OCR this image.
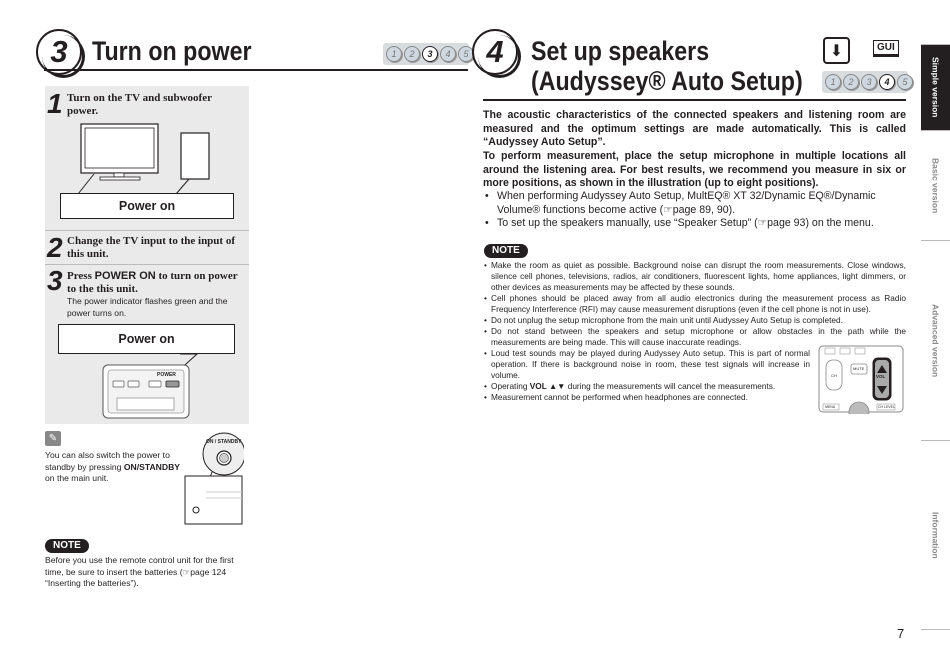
3 Turn on power	1	2	3	4	5
1 Turn on the TV and subwoofer power.
Power on
2 Change the TV input to the input of this unit.
3 Press POWER ON to turn on power to the this unit.
The power indicator flashes green and the power turns on.
Power on
POWER
✎
You can also switch the power to standby by pressing ON/STANDBY on the main unit.
ON / STANDBY
NOTE
Before you use the remote control unit for the first time, be sure to insert the batteries (☞page 124 “Inserting the batteries”).
4 Set up speakers
(Audyssey® Auto Setup)
⬇	GUI
1	2	3	4	5
The acoustic characteristics of the connected speakers and listening room are measured and the optimum settings are made automatically. This is called “Audyssey Auto Setup”.
To perform measurement, place the setup microphone in multiple locations all around the listening area. For best results, we recommend you measure in six or more positions, as shown in the illustration (up to eight positions).
• When performing Audyssey Auto Setup, MultEQ® XT 32/Dynamic EQ®/Dynamic Volume® functions become active (☞page 89, 90).
• To set up the speakers manually, use “Speaker Setup” (☞page 93) on the menu.
NOTE
• Make the room as quiet as possible. Background noise can disrupt the room measurements. Close windows, silence cell phones, televisions, radios, air conditioners, fluorescent lights, home appliances, light dimmers, or other devices as measurements may be affected by these sounds.
• Cell phones should be placed away from all audio electronics during the measurement process as Radio Frequency Interference (RFI) may cause measurement disruptions (even if the cell phone is not in use).
• Do not unplug the setup microphone from the main unit until Audyssey Auto Setup is completed.
• Do not stand between the speakers and setup microphone or allow obstacles in the path while the measurements are being made. This will cause inaccurate readings.
• Loud test sounds may be played during Audyssey Auto setup. This is part of normal operation. If there is background noise in room, these test signals will increase in volume.
• Operating VOL ▲▼ during the measurements will cancel the measurements.
• Measurement cannot be performed when headphones are connected.
CH
MUTE
VOL
MENU	CH LEVEL
Simple version
Basic version
Advanced version
Information
7
